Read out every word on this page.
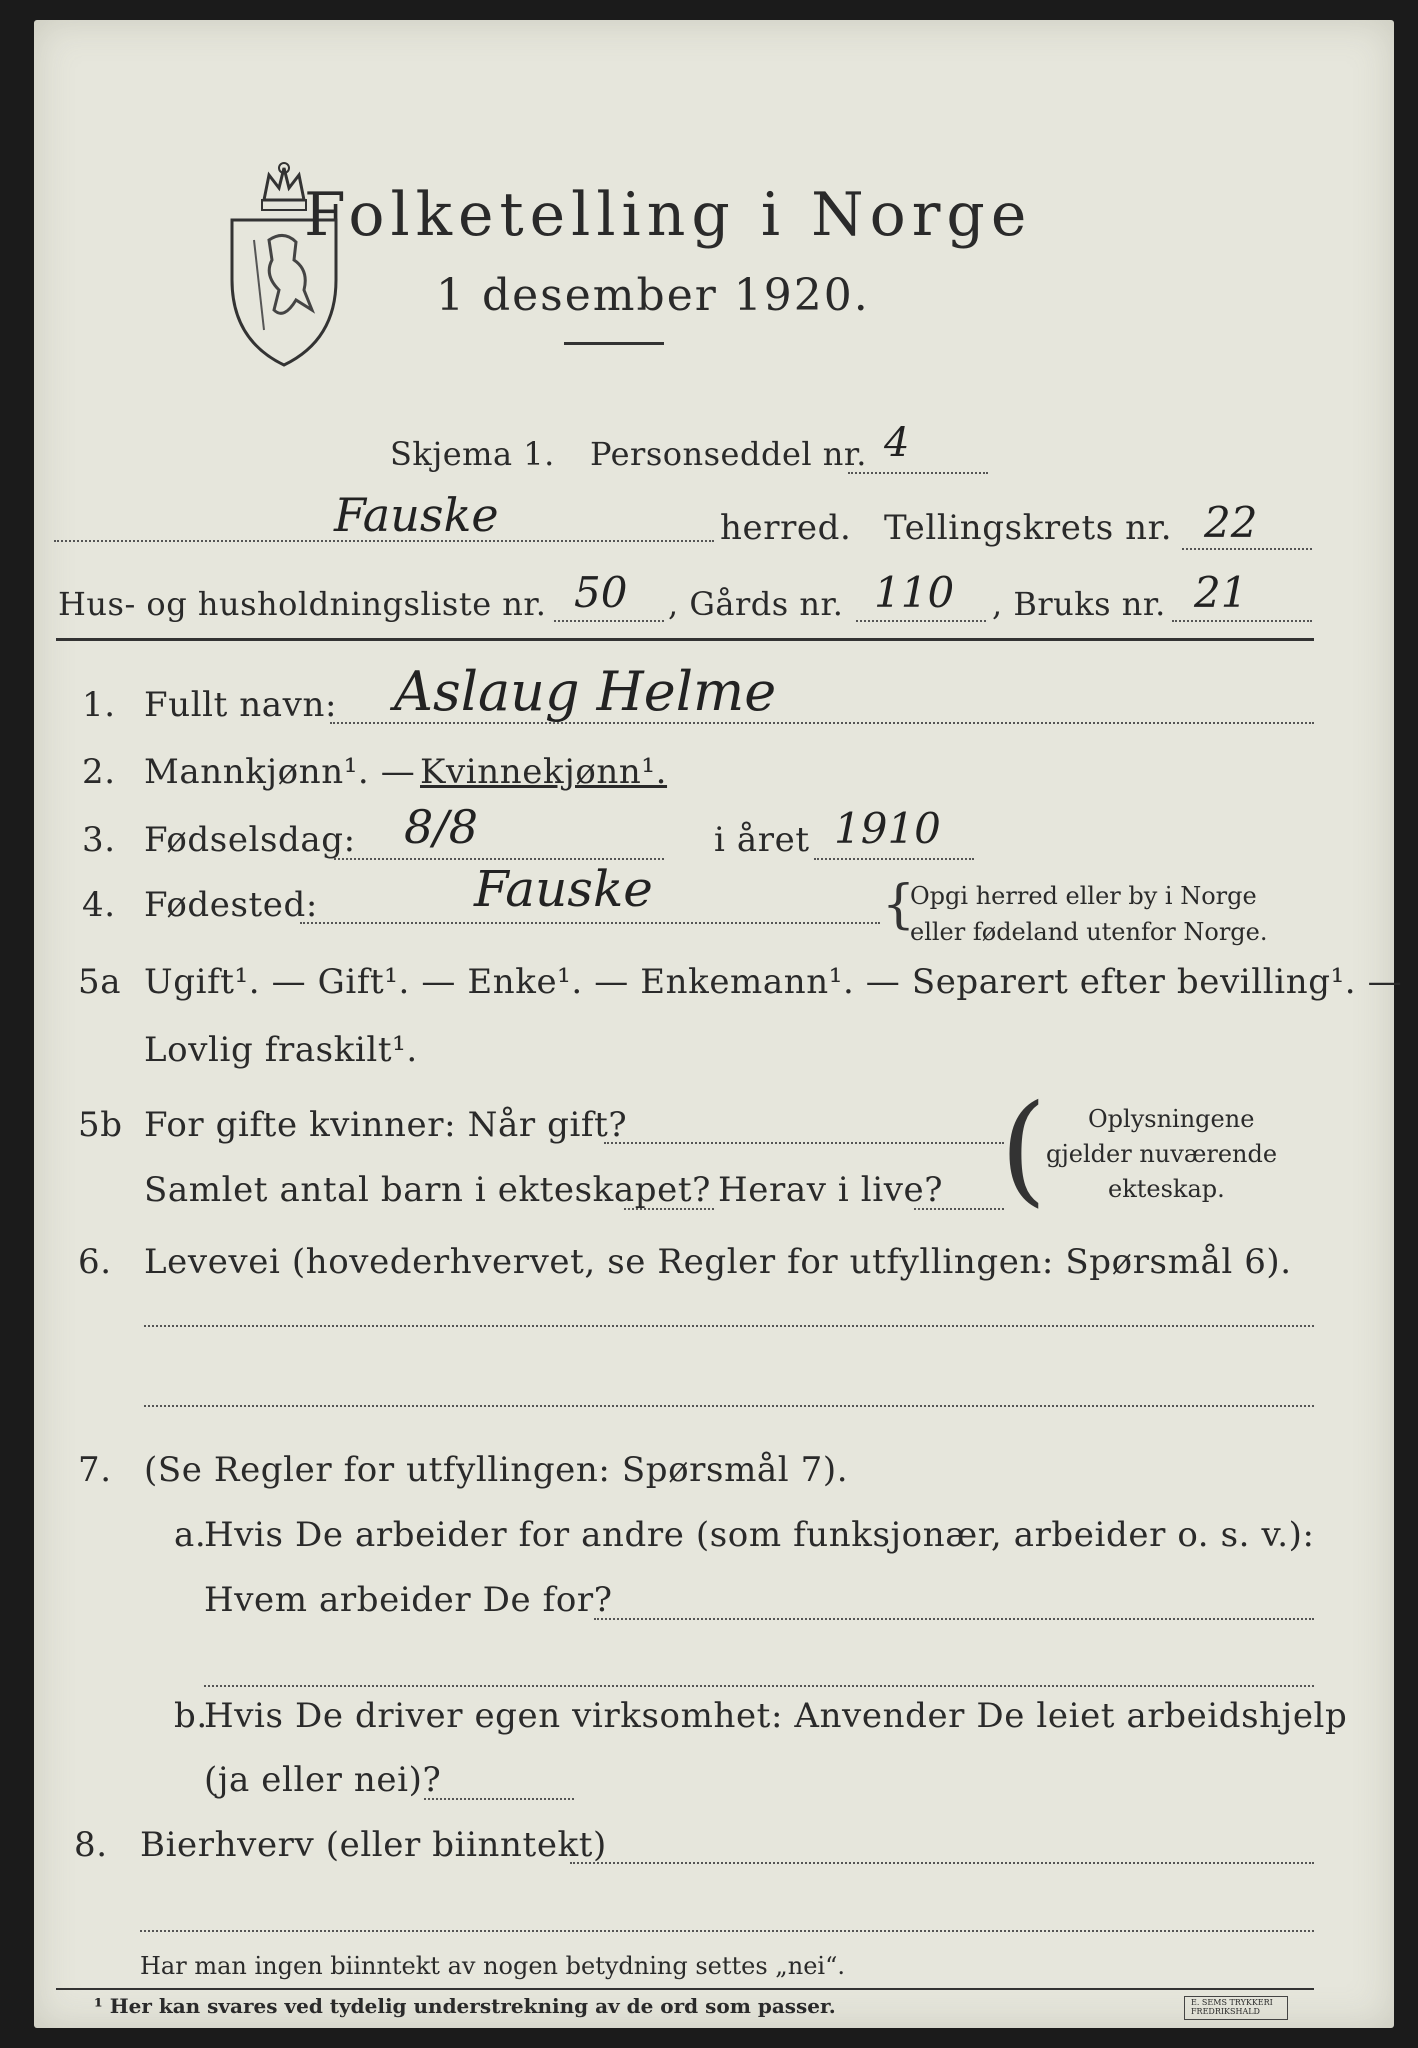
Folketelling i Norge
1 desember 1920.
Skjema 1. Personseddel nr. 4
Fauske	herred. Tellingskrets nr. 22
Hus- og husholdningsliste nr. 50 , Gårds nr. 110 , Bruks nr. 21
1. Fullt navn: Aslaug Helme
2. Mannkjønn¹. — Kvinnekjønn¹.
3. Fødselsdag: 8/8	i året 1910
4. Fødested:	Fauske	{
Opgi herred eller by i Norge
eller fødeland utenfor Norge.
5a Ugift¹. — Gift¹. — Enke¹. — Enkemann¹. — Separert efter bevilling¹. —
Lovlig fraskilt¹.
5b For gifte kvinner: Når gift?
Samlet antal barn i ekteskapet? Herav i live? ( Oplysningene
gjelder nuværende
ekteskap.
6. Levevei (hovederhvervet, se Regler for utfyllingen: Spørsmål 6).
7. (Se Regler for utfyllingen: Spørsmål 7).
a.
Hvis De arbeider for andre (som funksjonær, arbeider o. s. v.):
Hvem arbeider De for?
b.
Hvis De driver egen virksomhet: Anvender De leiet arbeidshjelp
(ja eller nei)?
8. Bierhverv (eller biinntekt)
Har man ingen biinntekt av nogen betydning settes „nei“.
¹ Her kan svares ved tydelig understrekning av de ord som passer.	E. SEMS TRYKKERI FREDRIKSHALD
